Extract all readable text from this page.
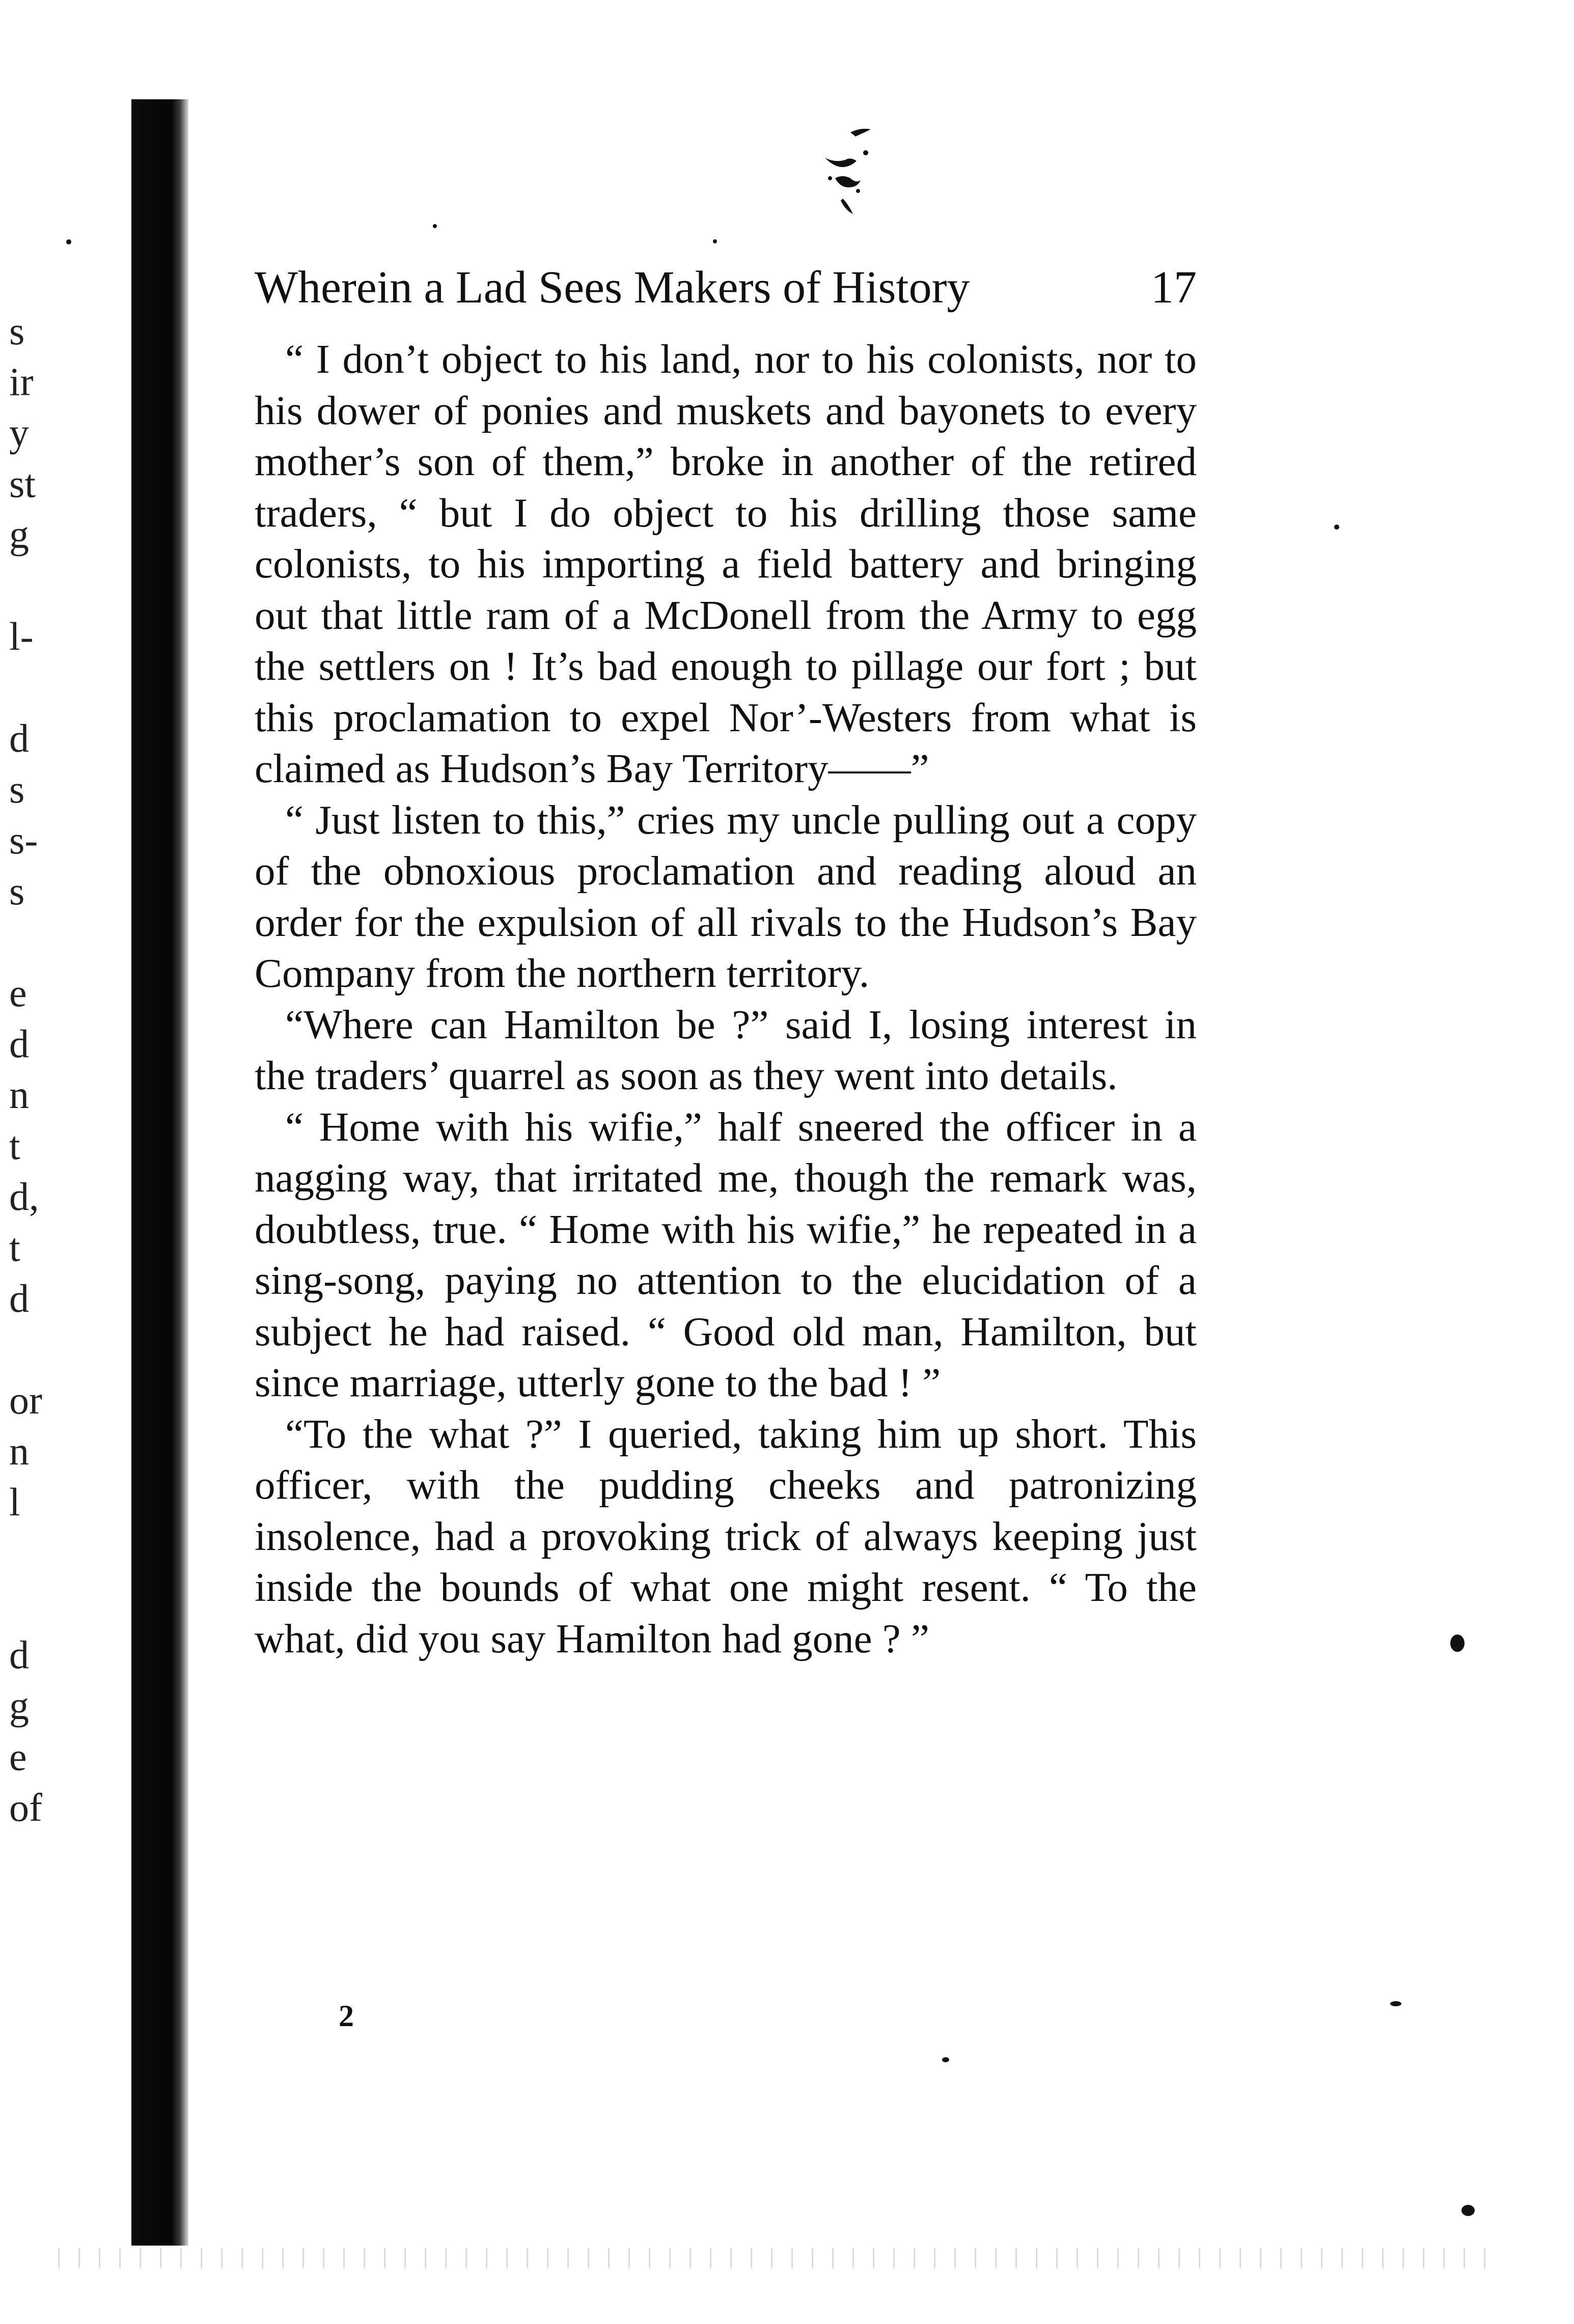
s
ir
y
st
g
l-
d
s
s-
s
e
d
n
t
d,
t
d
or
n
l
d
g
e
of
Wherein a Lad Sees Makers of History	17

“ I don’t object to his land, nor to his colonists, nor to his dower of ponies and muskets and bayonets to every mother’s son of them,” broke in another of the retired traders, “ but I do object to his drilling those same colonists, to his importing a field battery and bringing out that little ram of a McDonell from the Army to egg the settlers on ! It’s bad enough to pillage our fort ; but this proclamation to expel Nor’-Westers from what is claimed as Hudson’s Bay Territory——”

“ Just listen to this,” cries my uncle pulling out a copy of the obnoxious proclamation and reading aloud an order for the expulsion of all rivals to the Hudson’s Bay Company from the northern territory.

“Where can Hamilton be ?” said I, losing interest in the traders’ quarrel as soon as they went into details.

“ Home with his wifie,” half sneered the officer in a nagging way, that irritated me, though the remark was, doubtless, true. “ Home with his wifie,” he repeated in a sing-song, paying no attention to the elucidation of a subject he had raised. “ Good old man, Hamilton, but since marriage, utterly gone to the bad ! ”

“To the what ?” I queried, taking him up short. This officer, with the pudding cheeks and patronizing insolence, had a provoking trick of always keeping just inside the bounds of what one might resent. “ To the what, did you say Hamilton had gone ? ”

2
